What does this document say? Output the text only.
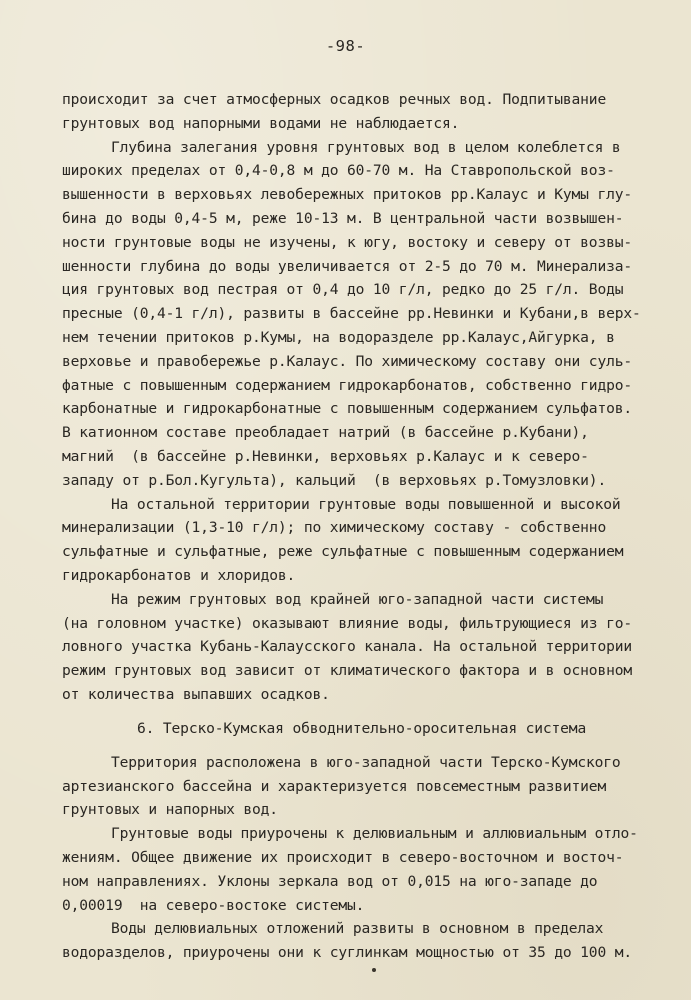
-98-
происходит за счет атмосферных осадков речных вод. Подпитывание
грунтовых вод напорными водами не наблюдается.
Глубина залегания уровня грунтовых вод в целом колеблется в
широких пределах от 0,4-0,8 м до 60-70 м. На Ставропольской воз-
вышенности в верховьях левобережных притоков рр.Калаус и Кумы глу-
бина до воды 0,4-5 м, реже 10-13 м. В центральной части возвышен-
ности грунтовые воды не изучены, к югу, востоку и северу от возвы-
шенности глубина до воды увеличивается от 2-5 до 70 м. Минерализа-
ция грунтовых вод пестрая от 0,4 до 10 г/л, редко до 25 г/л. Воды
пресные (0,4-1 г/л), развиты в бассейне рр.Невинки и Кубани,в верх-
нем течении притоков р.Кумы, на водоразделе рр.Калаус,Айгурка, в
верховье и правобережье р.Калаус. По химическому составу они суль-
фатные с повышенным содержанием гидрокарбонатов, собственно гидро-
карбонатные и гидрокарбонатные с повышенным содержанием сульфатов.
В катионном составе преобладает натрий (в бассейне р.Кубани),
магний  (в бассейне р.Невинки, верховьях р.Калаус и к северо-
западу от р.Бол.Кугульта), кальций  (в верховьях р.Томузловки).
На остальной территории грунтовые воды повышенной и высокой
минерализации (1,3-10 г/л); по химическому составу - собственно
сульфатные и сульфатные, реже сульфатные с повышенным содержанием
гидрокарбонатов и хлоридов.
На режим грунтовых вод крайней юго-западной части системы
(на головном участке) оказывают влияние воды, фильтрующиеся из го-
ловного участка Кубань-Калаусского канала. На остальной территории
режим грунтовых вод зависит от климатического фактора и в основном
от количества выпавших осадков.
6. Терско-Кумская обводнительно-оросительная система
Территория расположена в юго-западной части Терско-Кумского
артезианского бассейна и характеризуется повсеместным развитием
грунтовых и напорных вод.
Грунтовые воды приурочены к делювиальным и аллювиальным отло-
жениям. Общее движение их происходит в северо-восточном и восточ-
ном направлениях. Уклоны зеркала вод от 0,015 на юго-западе до
0,00019  на северо-востоке системы.
Воды делювиальных отложений развиты в основном в пределах
водоразделов, приурочены они к суглинкам мощностью от 35 до 100 м.
